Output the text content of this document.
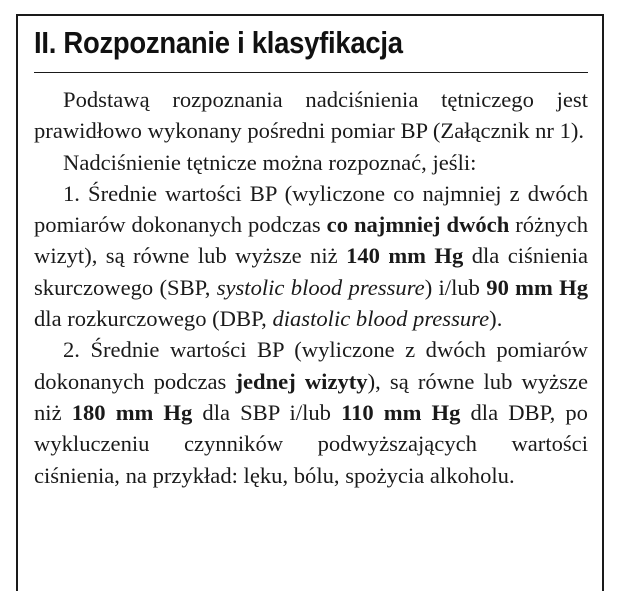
II. Rozpoznanie i klasyfikacja

Podstawą rozpoznania nadciśnienia tętniczego jest prawidłowo wykonany pośredni pomiar BP (Załącznik nr 1).

Nadciśnienie tętnicze można rozpoznać, jeśli:

1. Średnie wartości BP (wyliczone co najmniej z dwóch pomiarów dokonanych podczas co najmniej dwóch różnych wizyt), są równe lub wyższe niż 140 mm Hg dla ciśnienia skurczowego (SBP, systolic blood pressure) i/lub 90 mm Hg dla rozkurczowego (DBP, diastolic blood pressure).

2. Średnie wartości BP (wyliczone z dwóch pomiarów dokonanych podczas jednej wizyty), są równe lub wyższe niż 180 mm Hg dla SBP i/lub 110 mm Hg dla DBP, po wykluczeniu czynników podwyższających wartości ciśnienia, na przykład: lęku, bólu, spożycia alkoholu.
